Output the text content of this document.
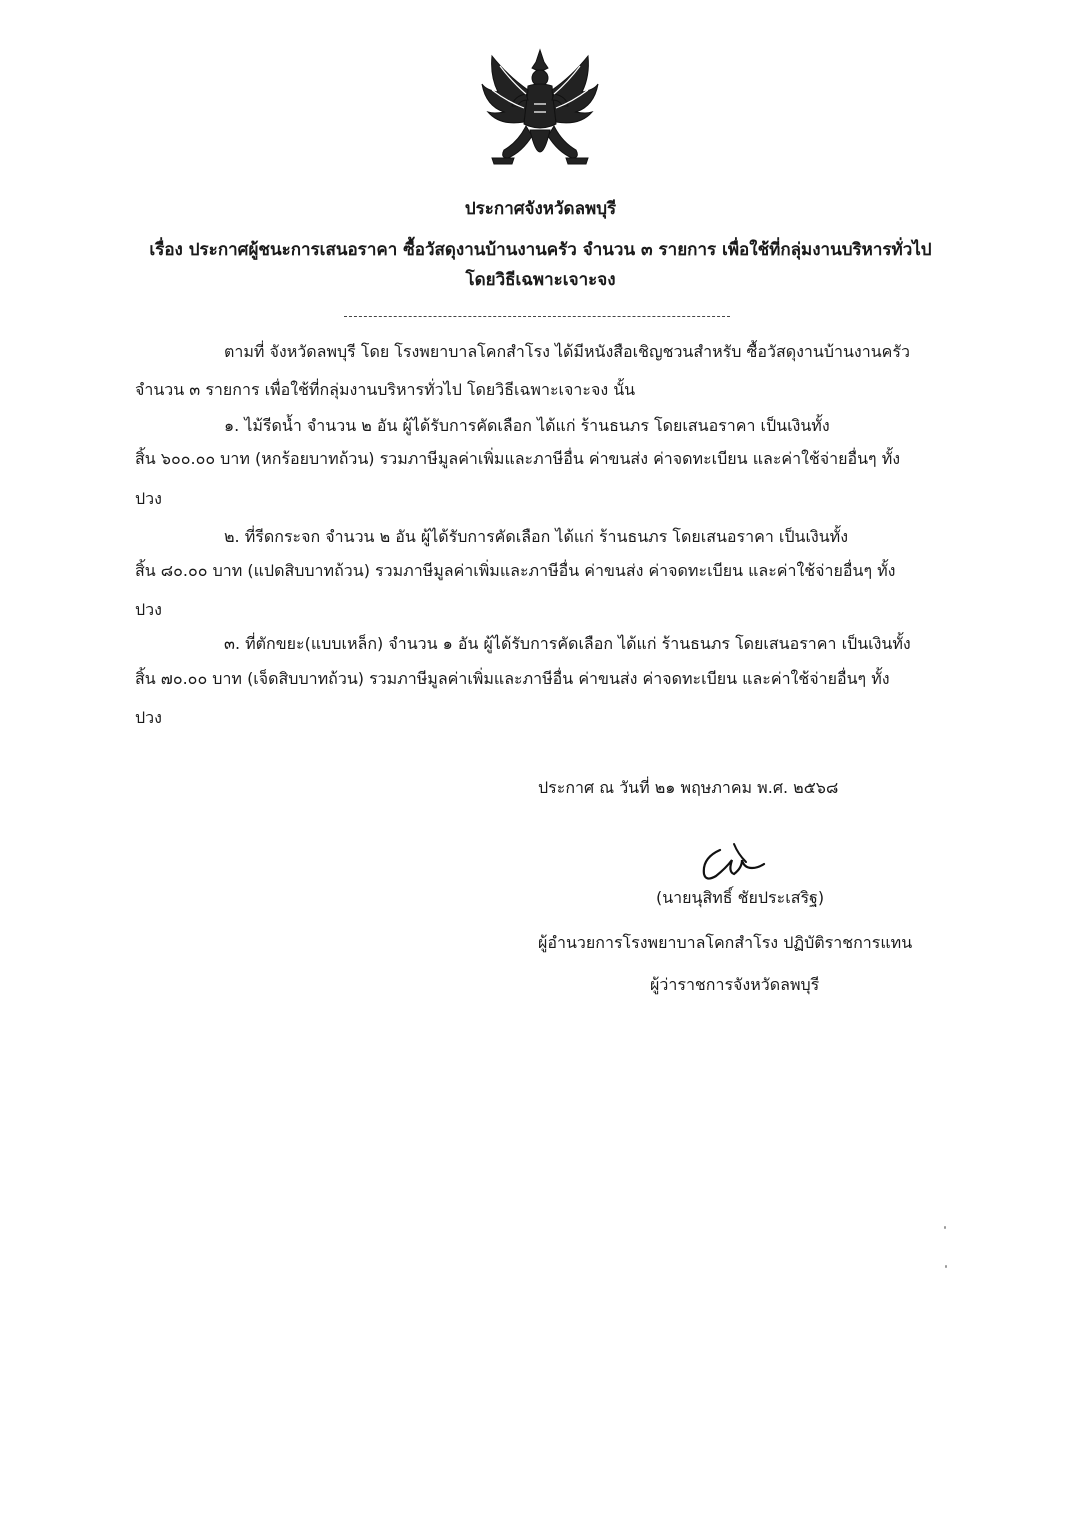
ประกาศจังหวัดลพบุรี
เรื่อง ประกาศผู้ชนะการเสนอราคา ซื้อวัสดุงานบ้านงานครัว จำนวน ๓ รายการ เพื่อใช้ที่กลุ่มงานบริหารทั่วไป
โดยวิธีเฉพาะเจาะจง
ตามที่ จังหวัดลพบุรี โดย โรงพยาบาลโคกสำโรง ได้มีหนังสือเชิญชวนสำหรับ ซื้อวัสดุงานบ้านงานครัว
จำนวน ๓ รายการ เพื่อใช้ที่กลุ่มงานบริหารทั่วไป โดยวิธีเฉพาะเจาะจง นั้น
๑. ไม้รีดน้ำ จำนวน ๒ อัน ผู้ได้รับการคัดเลือก ได้แก่ ร้านธนภร โดยเสนอราคา เป็นเงินทั้ง
สิ้น ๖๐๐.๐๐ บาท (หกร้อยบาทถ้วน) รวมภาษีมูลค่าเพิ่มและภาษีอื่น ค่าขนส่ง ค่าจดทะเบียน และค่าใช้จ่ายอื่นๆ ทั้ง
ปวง
๒. ที่รีดกระจก จำนวน ๒ อัน ผู้ได้รับการคัดเลือก ได้แก่ ร้านธนภร โดยเสนอราคา เป็นเงินทั้ง
สิ้น ๘๐.๐๐ บาท (แปดสิบบาทถ้วน) รวมภาษีมูลค่าเพิ่มและภาษีอื่น ค่าขนส่ง ค่าจดทะเบียน และค่าใช้จ่ายอื่นๆ ทั้ง
ปวง
๓. ที่ตักขยะ(แบบเหล็ก) จำนวน ๑ อัน ผู้ได้รับการคัดเลือก ได้แก่ ร้านธนภร โดยเสนอราคา เป็นเงินทั้ง
สิ้น ๗๐.๐๐ บาท (เจ็ดสิบบาทถ้วน) รวมภาษีมูลค่าเพิ่มและภาษีอื่น ค่าขนส่ง ค่าจดทะเบียน และค่าใช้จ่ายอื่นๆ ทั้ง
ปวง
ประกาศ ณ วันที่ ๒๑ พฤษภาคม พ.ศ. ๒๕๖๘
(นายนุสิทธิ์ ชัยประเสริฐ)
ผู้อำนวยการโรงพยาบาลโคกสำโรง ปฏิบัติราชการแทน
ผู้ว่าราชการจังหวัดลพบุรี
